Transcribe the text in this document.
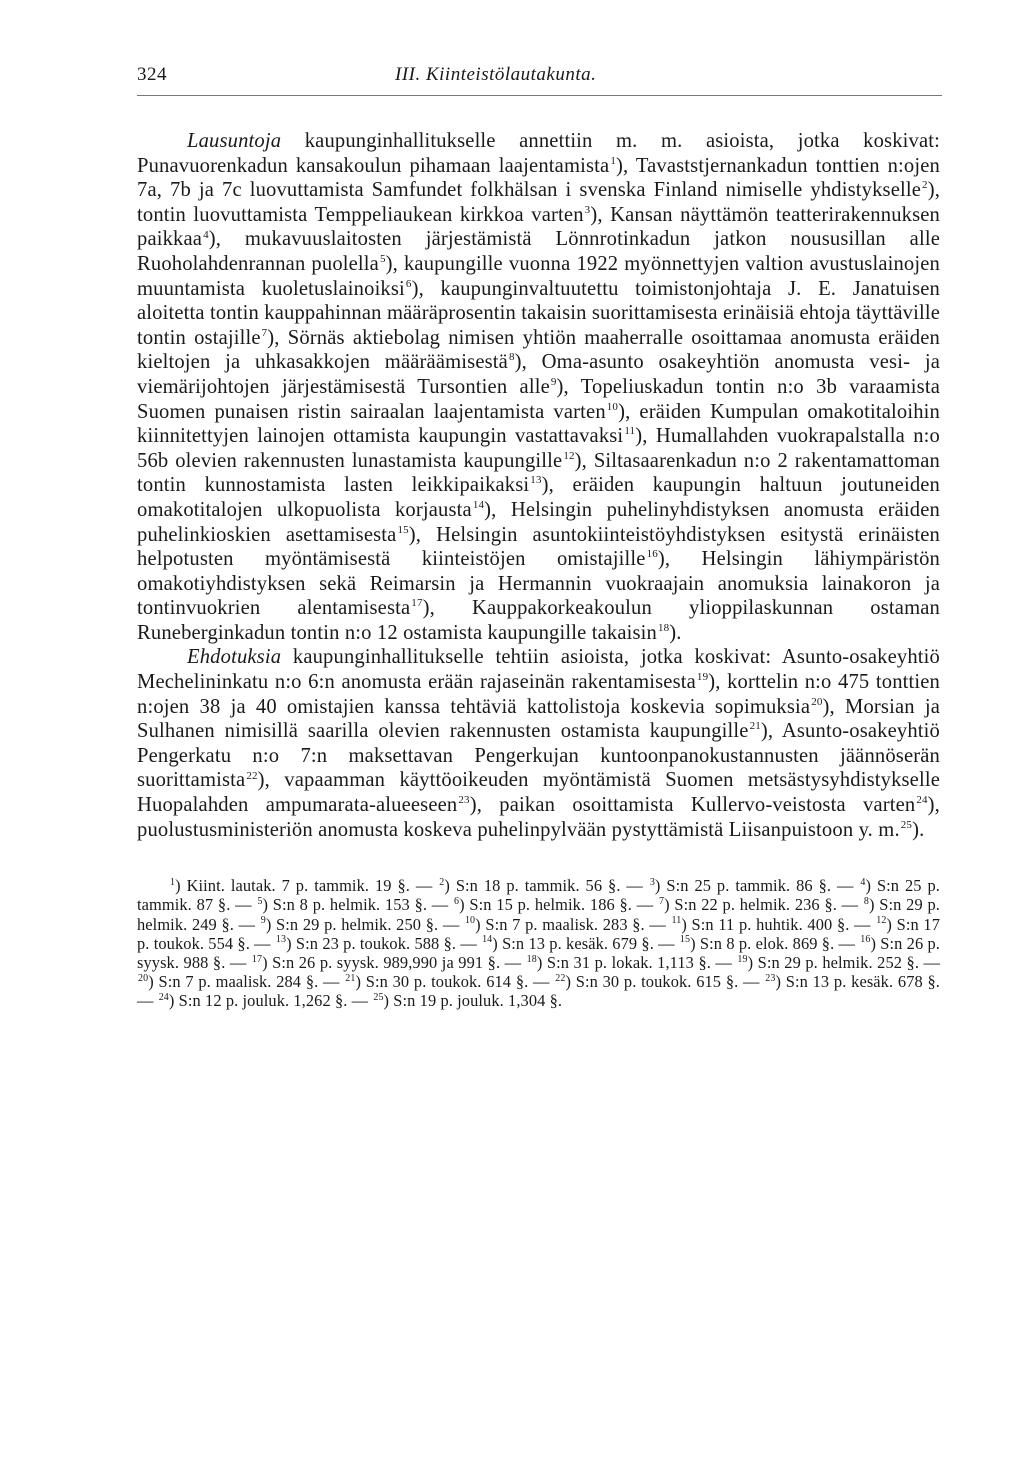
324	III. Kiinteistölautakunta.

Lausuntoja kaupunginhallitukselle annettiin m. m. asioista, jotka koskivat: Punavuorenkadun kansakoulun pihamaan laajentamista$^1$), Tavaststjernankadun tonttien n:ojen 7a, 7b ja 7c luovuttamista Samfundet folkhälsan i svenska Finland nimiselle yhdistykselle$^2$), tontin luovuttamista Temppeliaukean kirkkoa varten$^3$), Kansan näyttämön teatterirakennuksen paikkaa$^4$), mukavuuslaitosten järjestämistä Lönnrotinkadun jatkon noususillan alle Ruoholahdenrannan puolella$^5$), kaupungille vuonna 1922 myönnettyjen valtion avustuslainojen muuntamista kuoletuslainoiksi$^6$), kaupunginvaltuutettu toimistonjohtaja J. E. Janatuisen aloitetta tontin kauppahinnan määräprosentin takaisin suorittamisesta erinäisiä ehtoja täyttäville tontin ostajille$^7$), Sörnäs aktiebolag nimisen yhtiön maaherralle osoittamaa anomusta eräiden kieltojen ja uhkasakkojen määräämisestä$^8$), Oma-asunto osakeyhtiön anomusta vesi- ja viemärijohtojen järjestämisestä Tursontien alle$^9$), Topeliuskadun tontin n:o 3b varaamista Suomen punaisen ristin sairaalan laajentamista varten$^{10}$), eräiden Kumpulan omakotitaloihin kiinnitettyjen lainojen ottamista kaupungin vastattavaksi$^{11}$), Humallahden vuokrapalstalla n:o 56b olevien rakennusten lunastamista kaupungille$^{12}$), Siltasaarenkadun n:o 2 rakentamattoman tontin kunnostamista lasten leikkipaikaksi$^{13}$), eräiden kaupungin haltuun joutuneiden omakotitalojen ulkopuolista korjausta$^{14}$), Helsingin puhelinyhdistyksen anomusta eräiden puhelinkioskien asettamisesta$^{15}$), Helsingin asuntokiinteistöyhdistyksen esitystä erinäisten helpotusten myöntämisestä kiinteistöjen omistajille$^{16}$), Helsingin lähiympäristön omakotiyhdistyksen sekä Reimarsin ja Hermannin vuokraajain anomuksia lainakoron ja tontinvuokrien alentamisesta$^{17}$), Kauppakorkeakoulun ylioppilaskunnan ostaman Runeberginkadun tontin n:o 12 ostamista kaupungille takaisin$^{18}$).

Ehdotuksia kaupunginhallitukselle tehtiin asioista, jotka koskivat: Asunto-osakeyhtiö Mechelininkatu n:o 6:n anomusta erään rajaseinän rakentamisesta$^{19}$), korttelin n:o 475 tonttien n:ojen 38 ja 40 omistajien kanssa tehtäviä kattolistoja koskevia sopimuksia$^{20}$), Morsian ja Sulhanen nimisillä saarilla olevien rakennusten ostamista kaupungille$^{21}$), Asunto-osakeyhtiö Pengerkatu n:o 7:n maksettavan Pengerkujan kuntoonpanokustannusten jäännöserän suorittamista$^{22}$), vapaamman käyttöoikeuden myöntämistä Suomen metsästysyhdistykselle Huopalahden ampumarata-alueeseen$^{23}$), paikan osoittamista Kullervo-veistosta varten$^{24}$), puolustusministeriön anomusta koskeva puhelinpylvään pystyttämistä Liisanpuistoon y. m.$^{25}$).

$^1$) Kiint. lautak. 7 p. tammik. 19 §. — $^2$) S:n 18 p. tammik. 56 §. — $^3$) S:n 25 p. tammik. 86 §. — $^4$) S:n 25 p. tammik. 87 §. — $^5$) S:n 8 p. helmik. 153 §. — $^6$) S:n 15 p. helmik. 186 §. — $^7$) S:n 22 p. helmik. 236 §. — $^8$) S:n 29 p. helmik. 249 §. — $^9$) S:n 29 p. helmik. 250 §. — $^{10}$) S:n 7 p. maalisk. 283 §. — $^{11}$) S:n 11 p. huhtik. 400 §. — $^{12}$) S:n 17 p. toukok. 554 §. — $^{13}$) S:n 23 p. toukok. 588 §. — $^{14}$) S:n 13 p. kesäk. 679 §. — $^{15}$) S:n 8 p. elok. 869 §. — $^{16}$) S:n 26 p. syysk. 988 §. — $^{17}$) S:n 26 p. syysk. 989,990 ja 991 §. — $^{18}$) S:n 31 p. lokak. 1,113 §. — $^{19}$) S:n 29 p. helmik. 252 §. — $^{20}$) S:n 7 p. maalisk. 284 §. — $^{21}$) S:n 30 p. toukok. 614 §. — $^{22}$) S:n 30 p. toukok. 615 §. — $^{23}$) S:n 13 p. kesäk. 678 §. — $^{24}$) S:n 12 p. jouluk. 1,262 §. — $^{25}$) S:n 19 p. jouluk. 1,304 §.
